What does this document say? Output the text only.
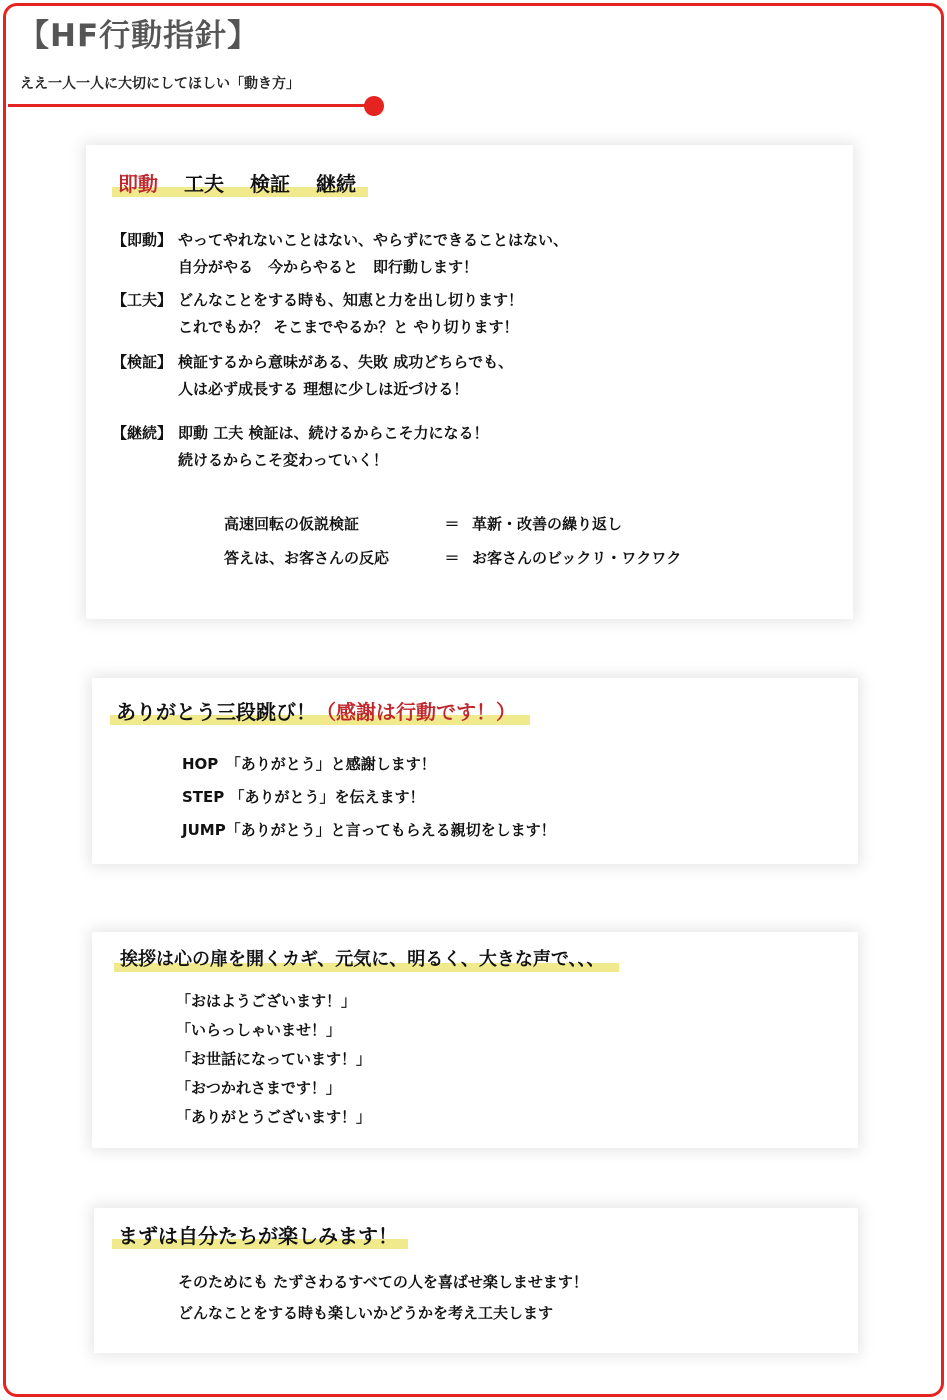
【HF行動指針】
ええ一人一人に大切にしてほしい「動き方」
即動 工夫 検証 継続
【即動】 やってやれないことはない、やらずにできることはない、
自分がやる　今からやると　即行動します！
【工夫】 どんなことをする時も、知恵と力を出し切ります！
これでもか？ そこまでやるか？と やり切ります！
【検証】 検証するから意味がある、失敗 成功どちらでも、
人は必ず成長する 理想に少しは近づける！
【継続】 即動 工夫 検証は、続けるからこそ力になる！
続けるからこそ変わっていく！
高速回転の仮説検証	＝ 革新・改善の繰り返し
答えは、お客さんの反応	＝ お客さんのビックリ・ワクワク
ありがとう三段跳び！（感謝は行動です！）
HOP　「ありがとう」と感謝します！
STEP 「ありがとう」を伝えます！
JUMP「ありがとう」と言ってもらえる親切をします！
挨拶は心の扉を開くカギ、元気に、明るく、大きな声で、、、
「おはようございます！」
「いらっしゃいませ！」
「お世話になっています！」
「おつかれさまです！」
「ありがとうございます！」
まずは自分たちが楽しみます！
そのためにも たずさわるすべての人を喜ばせ楽しませます！
どんなことをする時も楽しいかどうかを考え工夫します
